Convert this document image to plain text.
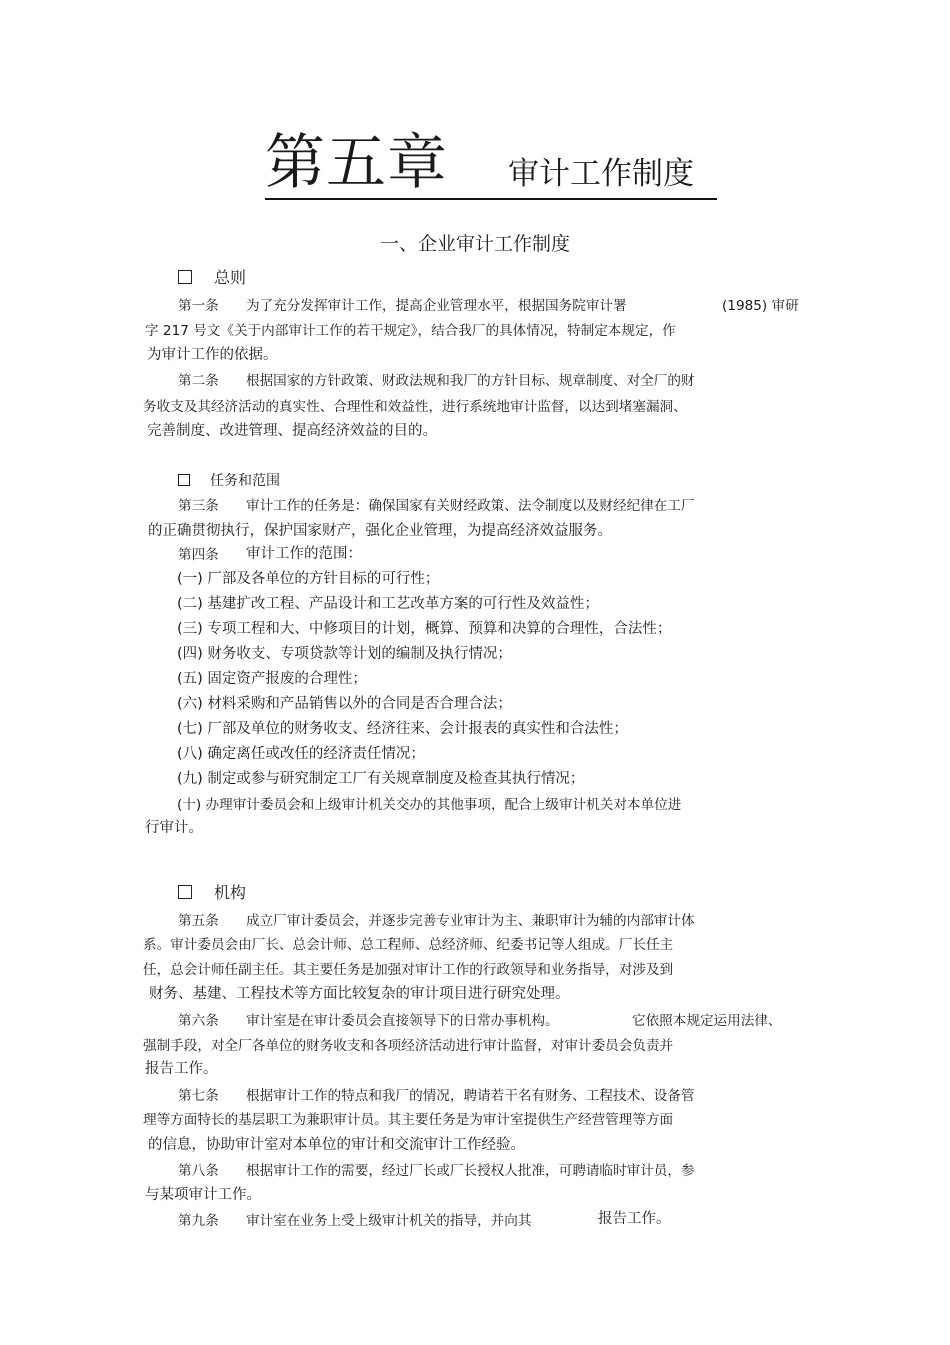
第五章 审计工作制度
一、企业审计工作制度
总则
第一条 为了充分发挥审计工作，提高企业管理水平，根据国务院审计署	(1985) 审研
字 217 号文《关于内部审计工作的若干规定》，结合我厂的具体情况，特制定本规定，作
为审计工作的依据。
第二条 根据国家的方针政策、财政法规和我厂的方针目标、规章制度、对全厂的财
务收支及其经济活动的真实性、合理性和效益性，进行系统地审计监督，以达到堵塞漏洞、
完善制度、改进管理、提高经济效益的目的。
任务和范围
第三条 审计工作的任务是：确保国家有关财经政策、法令制度以及财经纪律在工厂
的正确贯彻执行，保护国家财产，强化企业管理，为提高经济效益服务。
第四条 审计工作的范围：
(一) 厂部及各单位的方针目标的可行性；
(二) 基建扩改工程、产品设计和工艺改革方案的可行性及效益性；
(三) 专项工程和大、中修项目的计划，概算、预算和决算的合理性，合法性；
(四) 财务收支、专项贷款等计划的编制及执行情况；
(五) 固定资产报废的合理性；
(六) 材料采购和产品销售以外的合同是否合理合法；
(七) 厂部及单位的财务收支、经济往来、会计报表的真实性和合法性；
(八) 确定离任或改任的经济责任情况；
(九) 制定或参与研究制定工厂有关规章制度及检查其执行情况；
(十) 办理审计委员会和上级审计机关交办的其他事项，配合上级审计机关对本单位进
行审计。
机构
第五条 成立厂审计委员会，并逐步完善专业审计为主、兼职审计为辅的内部审计体
系。审计委员会由厂长、总会计师、总工程师、总经济师、纪委书记等人组成。厂长任主
任，总会计师任副主任。其主要任务是加强对审计工作的行政领导和业务指导，对涉及到
财务、基建、工程技术等方面比较复杂的审计项目进行研究处理。
第六条 审计室是在审计委员会直接领导下的日常办事机构。	它依照本规定运用法律、
强制手段，对全厂各单位的财务收支和各项经济活动进行审计监督，对审计委员会负责并
报告工作。
第七条 根据审计工作的特点和我厂的情况，聘请若干名有财务、工程技术、设备管
理等方面特长的基层职工为兼职审计员。其主要任务是为审计室提供生产经营管理等方面
的信息，协助审计室对本单位的审计和交流审计工作经验。
第八条 根据审计工作的需要，经过厂长或厂长授权人批准，可聘请临时审计员，参
与某项审计工作。
第九条 审计室在业务上受上级审计机关的指导，并向其	报告工作。
